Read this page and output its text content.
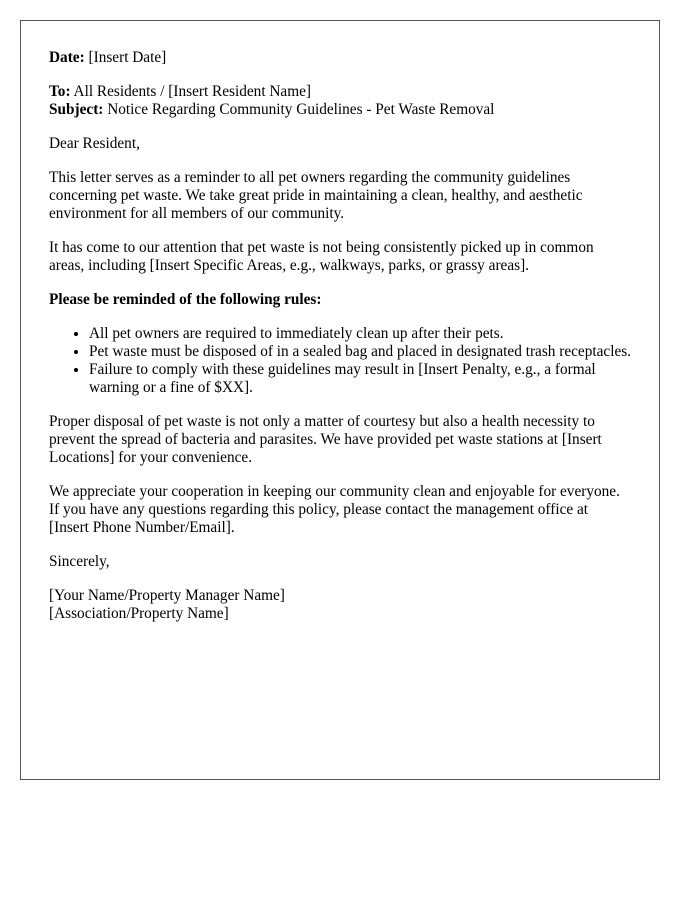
Date: [Insert Date]

To: All Residents / [Insert Resident Name]

Subject: Notice Regarding Community Guidelines - Pet Waste Removal

Dear Resident,

This letter serves as a reminder to all pet owners regarding the community guidelines concerning pet waste. We take great pride in maintaining a clean, healthy, and aesthetic environment for all members of our community.

It has come to our attention that pet waste is not being consistently picked up in common areas, including [Insert Specific Areas, e.g., walkways, parks, or grassy areas].

Please be reminded of the following rules:

• All pet owners are required to immediately clean up after their pets.
• Pet waste must be disposed of in a sealed bag and placed in designated trash receptacles.
• Failure to comply with these guidelines may result in [Insert Penalty, e.g., a formal warning or a fine of $XX].

Proper disposal of pet waste is not only a matter of courtesy but also a health necessity to prevent the spread of bacteria and parasites. We have provided pet waste stations at [Insert Locations] for your convenience.

We appreciate your cooperation in keeping our community clean and enjoyable for everyone. If you have any questions regarding this policy, please contact the management office at [Insert Phone Number/Email].

Sincerely,

[Your Name/Property Manager Name]

[Association/Property Name]
